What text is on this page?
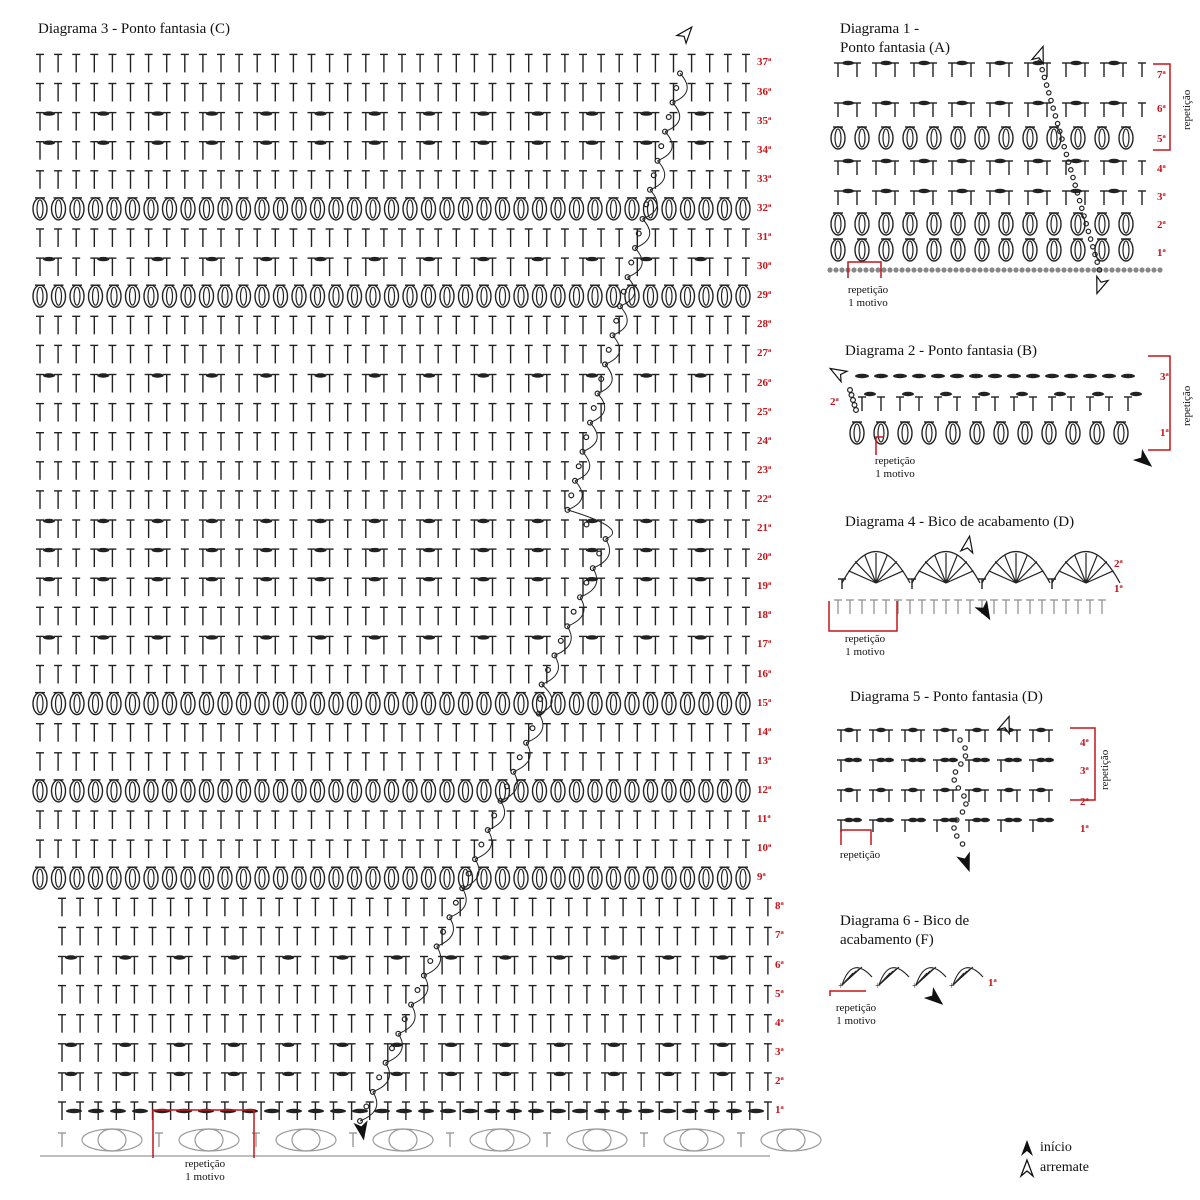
Diagrama 3 - Ponto fantasia (C)
1ª
2ª
3ª
4ª
5ª
6ª
7ª
8ª
9ª
10ª
11ª
12ª
13ª
14ª
15ª
16ª
17ª
18ª
19ª
20ª
21ª
22ª
23ª
24ª
25ª
26ª
27ª
28ª
29ª
30ª
31ª
32ª
33ª
34ª
35ª
36ª
37ª
repetição
1 motivo
Diagrama 1 -
Ponto fantasia (A)
1ª
2ª
3ª
4ª
5ª
6ª
7ª
repetição
repetição
1 motivo
Diagrama 2 - Ponto fantasia (B)
1ª
2ª
3ª
repetição
repetição
1 motivo
Diagrama 4 - Bico de acabamento (D)
1ª
2ª
repetição
1 motivo
Diagrama 5 - Ponto fantasia (D)
1ª
2ª
3ª
4ª
repetição
repetição
Diagrama 6 - Bico de
acabamento (F)
+	+	+	+	1ª
repetição
1 motivo
início
arremate
